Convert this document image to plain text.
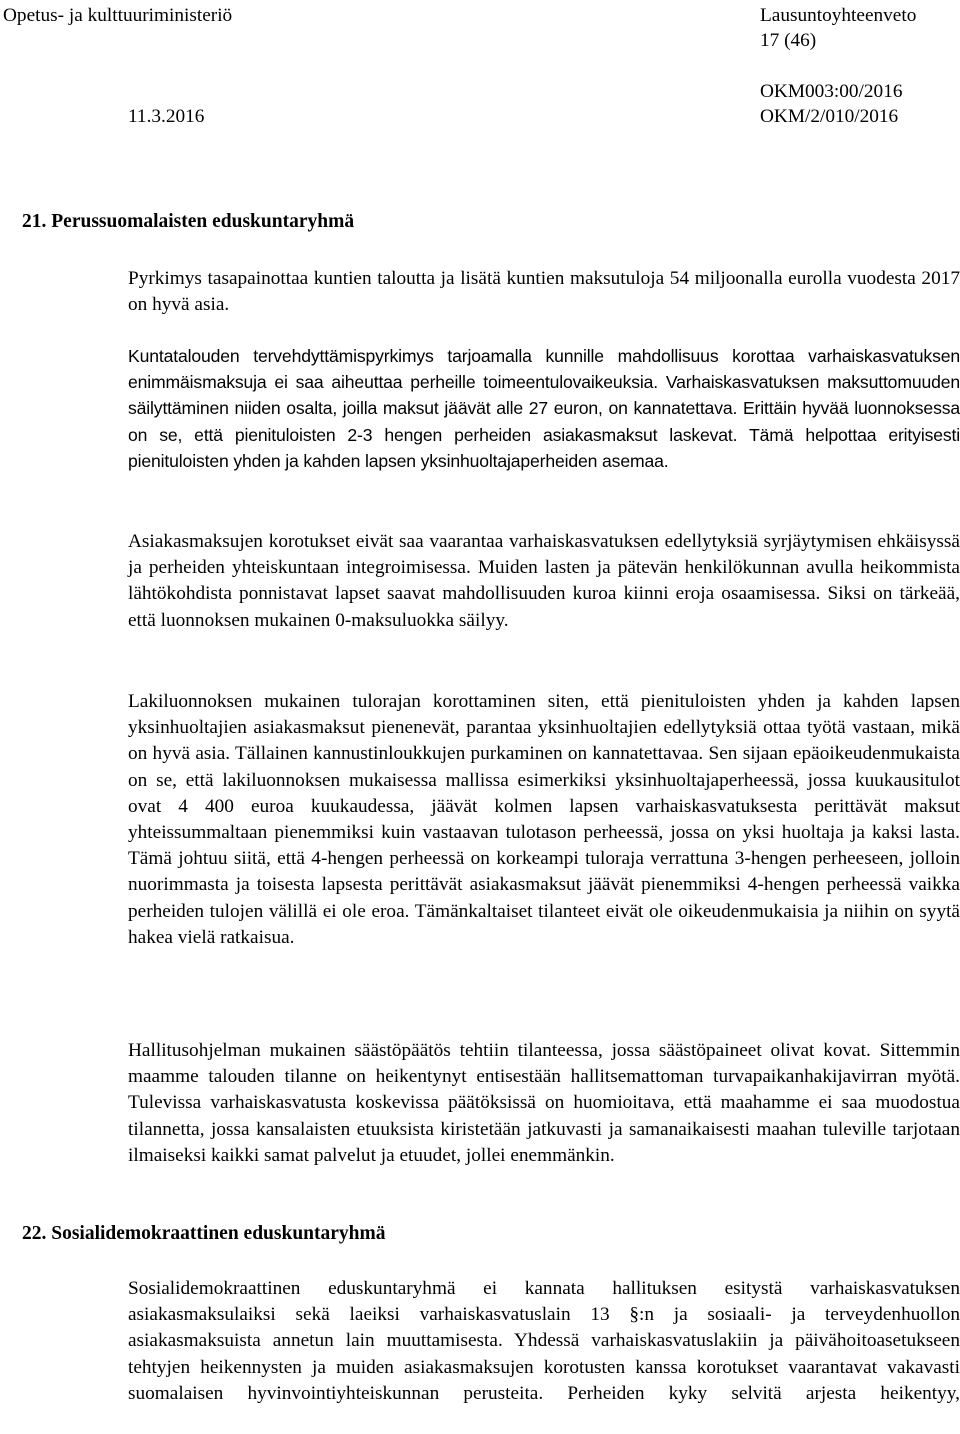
Opetus- ja kulttuuriministeriö	Lausuntoyhteenveto
17 (46)
OKM003:00/2016
11.3.2016	OKM/2/010/2016
21. Perussuomalaisten eduskuntaryhmä

Pyrkimys tasapainottaa kuntien taloutta ja lisätä kuntien maksutuloja 54 miljoonalla eurolla vuodesta 2017 on hyvä asia.

Kuntatalouden tervehdyttämispyrkimys tarjoamalla kunnille mahdollisuus korottaa varhaiskasvatuksen enimmäismaksuja ei saa aiheuttaa perheille toimeentulovaikeuksia. Varhaiskasvatuksen maksuttomuuden säilyttäminen niiden osalta, joilla maksut jäävät alle 27 euron, on kannatettava. Erittäin hyvää luonnoksessa on se, että pienituloisten 2-3 hengen perheiden asiakasmaksut laskevat. Tämä helpottaa erityisesti pienituloisten yhden ja kahden lapsen yksinhuoltajaperheiden asemaa.

Asiakasmaksujen korotukset eivät saa vaarantaa varhaiskasvatuksen edellytyksiä syrjäytymisen ehkäisyssä ja perheiden yhteiskuntaan integroimisessa. Muiden lasten ja pätevän henkilökunnan avulla heikommista lähtökohdista ponnistavat lapset saavat mahdollisuuden kuroa kiinni eroja osaamisessa. Siksi on tärkeää, että luonnoksen mukainen 0-maksuluokka säilyy.

Lakiluonnoksen mukainen tulorajan korottaminen siten, että pienituloisten yhden ja kahden lapsen yksinhuoltajien asiakasmaksut pienenevät, parantaa yksinhuoltajien edellytyksiä ottaa työtä vastaan, mikä on hyvä asia. Tällainen kannustinloukkujen purkaminen on kannatettavaa. Sen sijaan epäoikeudenmukaista on se, että lakiluonnoksen mukaisessa mallissa esimerkiksi yksinhuoltajaperheessä, jossa kuukausitulot ovat 4 400 euroa kuukaudessa, jäävät kolmen lapsen varhaiskasvatuksesta perittävät maksut yhteissummaltaan pienemmiksi kuin vastaavan tulotason perheessä, jossa on yksi huoltaja ja kaksi lasta. Tämä johtuu siitä, että 4-hengen perheessä on korkeampi tuloraja verrattuna 3-hengen perheeseen, jolloin nuorimmasta ja toisesta lapsesta perittävät asiakasmaksut jäävät pienemmiksi 4-hengen perheessä vaikka perheiden tulojen välillä ei ole eroa. Tämänkaltaiset tilanteet eivät ole oikeudenmukaisia ja niihin on syytä hakea vielä ratkaisua.

Hallitusohjelman mukainen säästöpäätös tehtiin tilanteessa, jossa säästöpaineet olivat kovat. Sittemmin maamme talouden tilanne on heikentynyt entisestään hallitsemattoman turvapaikanhakijavirran myötä. Tulevissa varhaiskasvatusta koskevissa päätöksissä on huomioitava, että maahamme ei saa muodostua tilannetta, jossa kansalaisten etuuksista kiristetään jatkuvasti ja samanaikaisesti maahan tuleville tarjotaan ilmaiseksi kaikki samat palvelut ja etuudet, jollei enemmänkin.

22. Sosialidemokraattinen eduskuntaryhmä

Sosialidemokraattinen eduskuntaryhmä ei kannata hallituksen esitystä varhaiskasvatuksen asiakasmaksulaiksi sekä laeiksi varhaiskasvatuslain 13 §:n ja sosiaali- ja terveydenhuollon asiakasmaksuista annetun lain muuttamisesta. Yhdessä varhaiskasvatuslakiin ja päivähoitoasetukseen tehtyjen heikennysten ja muiden asiakasmaksujen korotusten kanssa korotukset vaarantavat vakavasti suomalaisen hyvinvointiyhteiskunnan perusteita. Perheiden kyky selvitä arjesta heikentyy,
